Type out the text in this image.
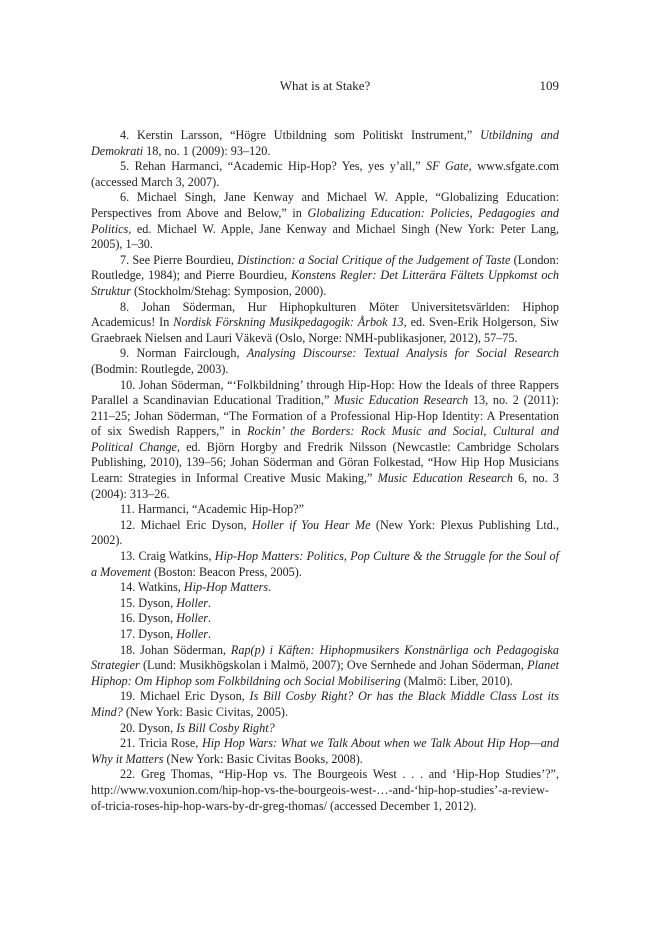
What is at Stake?	109

4. Kerstin Larsson, “Högre Utbildning som Politiskt Instrument,” Utbildning and Demokrati 18, no. 1 (2009): 93–120.

5. Rehan Harmanci, “Academic Hip-Hop? Yes, yes y’all,” SF Gate, www.sfgate.com (accessed March 3, 2007).

6. Michael Singh, Jane Kenway and Michael W. Apple, “Globalizing Education: Perspectives from Above and Below,” in Globalizing Education: Policies, Pedagogies and Politics, ed. Michael W. Apple, Jane Kenway and Michael Singh (New York: Peter Lang, 2005), 1–30.

7. See Pierre Bourdieu, Distinction: a Social Critique of the Judgement of Taste (London: Routledge, 1984); and Pierre Bourdieu, Konstens Regler: Det Litterära Fältets Uppkomst och Struktur (Stockholm/Stehag: Symposion, 2000).

8. Johan Söderman, Hur Hiphopkulturen Möter Universitetsvärlden: Hiphop Academicus! In Nordisk Förskning Musikpedagogik: Årbok 13, ed. Sven-Erik Holgerson, Siw Graebraek Nielsen and Lauri Väkevä (Oslo, Norge: NMH-publikasjoner, 2012), 57–75.

9. Norman Fairclough, Analysing Discourse: Textual Analysis for Social Research (Bodmin: Routlegde, 2003).

10. Johan Söderman, “‘Folkbildning’ through Hip-Hop: How the Ideals of three Rappers Parallel a Scandinavian Educational Tradition,” Music Education Research 13, no. 2 (2011): 211–25; Johan Söderman, “The Formation of a Professional Hip-Hop Identity: A Presentation of six Swedish Rappers,” in Rockin’ the Borders: Rock Music and Social, Cultural and Political Change, ed. Björn Horgby and Fredrik Nilsson (Newcastle: Cambridge Scholars Publishing, 2010), 139–56; Johan Söderman and Göran Folkestad, “How Hip Hop Musicians Learn: Strategies in Informal Creative Music Making,” Music Education Research 6, no. 3 (2004): 313–26.

11. Harmanci, “Academic Hip-Hop?”

12. Michael Eric Dyson, Holler if You Hear Me (New York: Plexus Publishing Ltd., 2002).

13. Craig Watkins, Hip-Hop Matters: Politics, Pop Culture & the Struggle for the Soul of a Movement (Boston: Beacon Press, 2005).

14. Watkins, Hip-Hop Matters.

15. Dyson, Holler.

16. Dyson, Holler.

17. Dyson, Holler.

18. Johan Söderman, Rap(p) i Käften: Hiphopmusikers Konstnärliga och Pedagogiska Strategier (Lund: Musikhögskolan i Malmö, 2007); Ove Sernhede and Johan Söderman, Planet Hiphop: Om Hiphop som Folkbildning och Social Mobilisering (Malmö: Liber, 2010).

19. Michael Eric Dyson, Is Bill Cosby Right? Or has the Black Middle Class Lost its Mind? (New York: Basic Civitas, 2005).

20. Dyson, Is Bill Cosby Right?

21. Tricia Rose, Hip Hop Wars: What we Talk About when we Talk About Hip Hop—and Why it Matters (New York: Basic Civitas Books, 2008).

22. Greg Thomas, “Hip-Hop vs. The Bourgeois West . . . and ‘Hip-Hop Studies’?”, http://www.voxunion.com/hip-hop-vs-the-bourgeois-west-…-and-‘hip-hop-studies’-a-review-of-tricia-roses-hip-hop-wars-by-dr-greg-thomas/ (accessed December 1, 2012).
